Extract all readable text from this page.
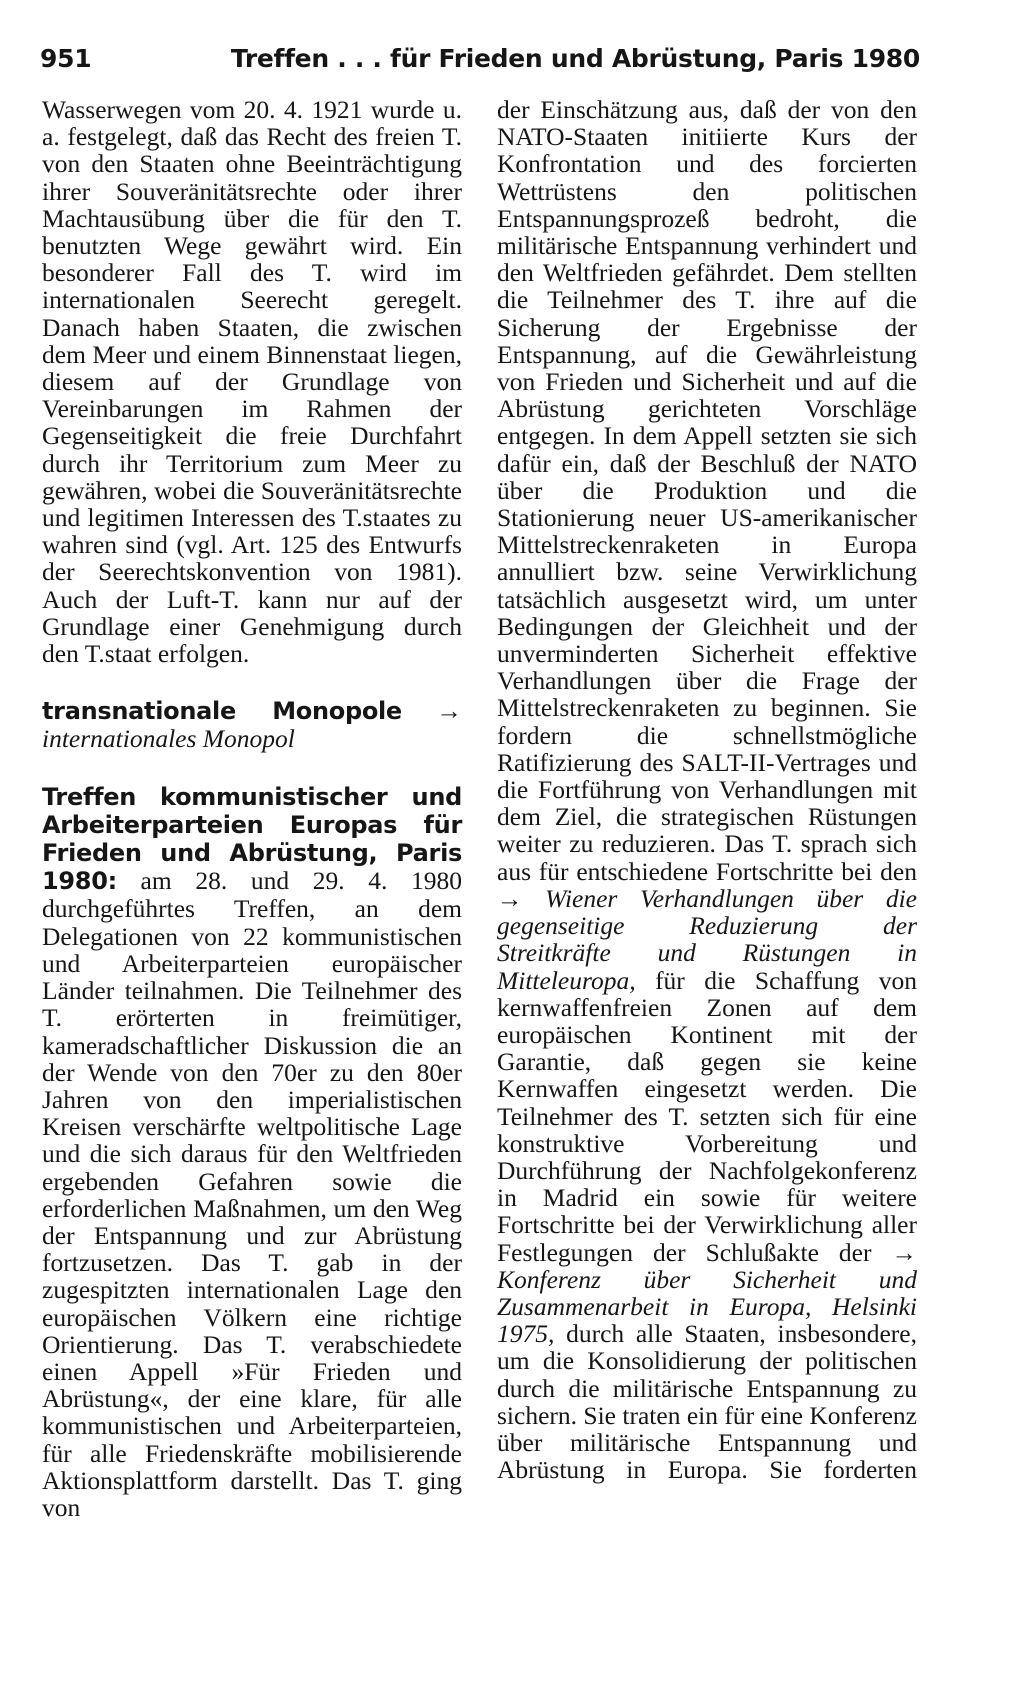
951	Treffen . . . für Frieden und Abrüstung, Paris 1980

Wasserwegen vom 20. 4. 1921 wurde u. a. festgelegt, daß das Recht des freien T. von den Staaten ohne Beeinträchtigung ihrer Souveränitätsrechte oder ihrer Machtausübung über die für den T. benutzten Wege gewährt wird. Ein besonderer Fall des T. wird im internationalen Seerecht geregelt. Danach haben Staaten, die zwischen dem Meer und einem Binnenstaat liegen, diesem auf der Grundlage von Vereinbarungen im Rahmen der Gegenseitigkeit die freie Durchfahrt durch ihr Territorium zum Meer zu gewähren, wobei die Souveränitätsrechte und legitimen Interessen des T.staates zu wahren sind (vgl. Art. 125 des Entwurfs der Seerechtskonvention von 1981). Auch der Luft-T. kann nur auf der Grundlage einer Genehmigung durch den T.staat erfolgen.

transnationale Monopole → internationales Monopol

Treffen kommunistischer und Arbeiterparteien Europas für Frieden und Abrüstung, Paris 1980: am 28. und 29. 4. 1980 durchgeführtes Treffen, an dem Delegationen von 22 kommunistischen und Arbeiterparteien europäischer Länder teilnahmen. Die Teilnehmer des T. erörterten in freimütiger, kameradschaftlicher Diskussion die an der Wende von den 70er zu den 80er Jahren von den imperialistischen Kreisen verschärfte weltpolitische Lage und die sich daraus für den Weltfrieden ergebenden Gefahren sowie die erforderlichen Maßnahmen, um den Weg der Entspannung und zur Abrüstung fortzusetzen. Das T. gab in der zugespitzten internationalen Lage den europäischen Völkern eine richtige Orientierung. Das T. verabschiedete einen Appell »Für Frieden und Abrüstung«, der eine klare, für alle kommunistischen und Arbeiterparteien, für alle Friedenskräfte mobilisierende Aktionsplattform darstellt. Das T. ging von

der Einschätzung aus, daß der von den NATO-Staaten initiierte Kurs der Konfrontation und des forcierten Wettrüstens den politischen Entspannungsprozeß bedroht, die militärische Entspannung verhindert und den Weltfrieden gefährdet. Dem stellten die Teilnehmer des T. ihre auf die Sicherung der Ergebnisse der Entspannung, auf die Gewährleistung von Frieden und Sicherheit und auf die Abrüstung gerichteten Vorschläge entgegen. In dem Appell setzten sie sich dafür ein, daß der Beschluß der NATO über die Produktion und die Stationierung neuer US-amerikanischer Mittelstreckenraketen in Europa annulliert bzw. seine Verwirklichung tatsächlich ausgesetzt wird, um unter Bedingungen der Gleichheit und der unverminderten Sicherheit effektive Verhandlungen über die Frage der Mittelstreckenraketen zu beginnen. Sie fordern die schnellstmögliche Ratifizierung des SALT-II-Vertrages und die Fortführung von Verhandlungen mit dem Ziel, die strategischen Rüstungen weiter zu reduzieren. Das T. sprach sich aus für entschiedene Fortschritte bei den → Wiener Verhandlungen über die gegenseitige Reduzierung der Streitkräfte und Rüstungen in Mitteleuropa, für die Schaffung von kernwaffenfreien Zonen auf dem europäischen Kontinent mit der Garantie, daß gegen sie keine Kernwaffen eingesetzt werden. Die Teilnehmer des T. setzten sich für eine konstruktive Vorbereitung und Durchführung der Nachfolgekonferenz in Madrid ein sowie für weitere Fortschritte bei der Verwirklichung aller Festlegungen der Schlußakte der → Konferenz über Sicherheit und Zusammenarbeit in Europa, Helsinki 1975, durch alle Staaten, insbesondere, um die Konsolidierung der politischen durch die militärische Entspannung zu sichern. Sie traten ein für eine Konferenz über militärische Entspannung und Abrüstung in Europa. Sie forderten
